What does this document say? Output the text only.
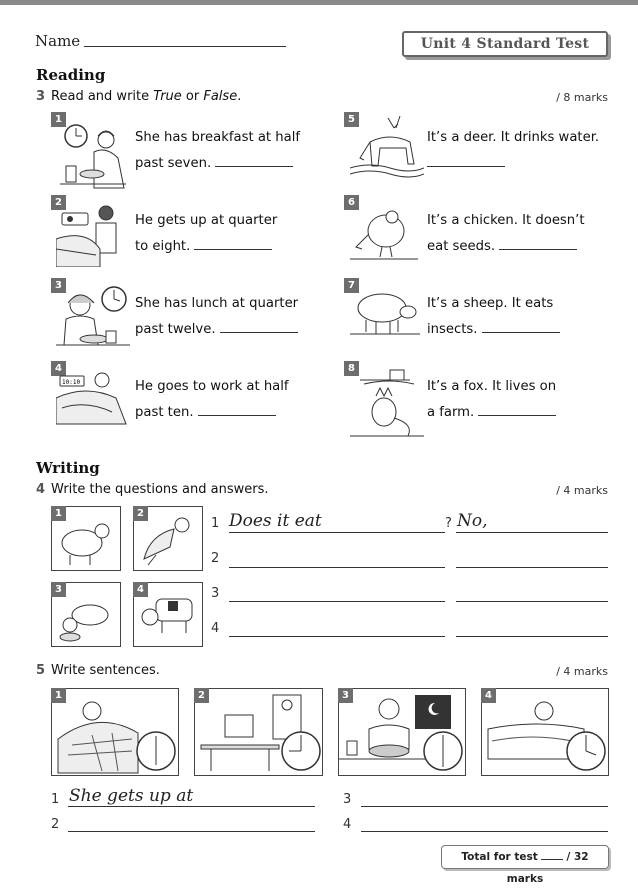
Name	Unit 4 Standard Test
Reading
3 Read and write True or False.	/ 8 marks
1
She has breakfast at half
past seven.
2
He gets up at quarter
to eight.
3
She has lunch at quarter
past twelve.
4
10:10	He goes to work at half
past ten.
5
It’s a deer. It drinks water.

6
It’s a chicken. It doesn’t
eat seeds.
7
It’s a sheep. It eats
insects.
8
It’s a fox. It lives on
a farm.
Writing
4 Write the questions and answers.	/ 4 marks
1	2
3	4
1 Does it eat	? No,
2
3
4
5 Write sentences.	/ 4 marks
1	2	3	4
1 She gets up at	3
2	4
Total for test	/ 32 marks
